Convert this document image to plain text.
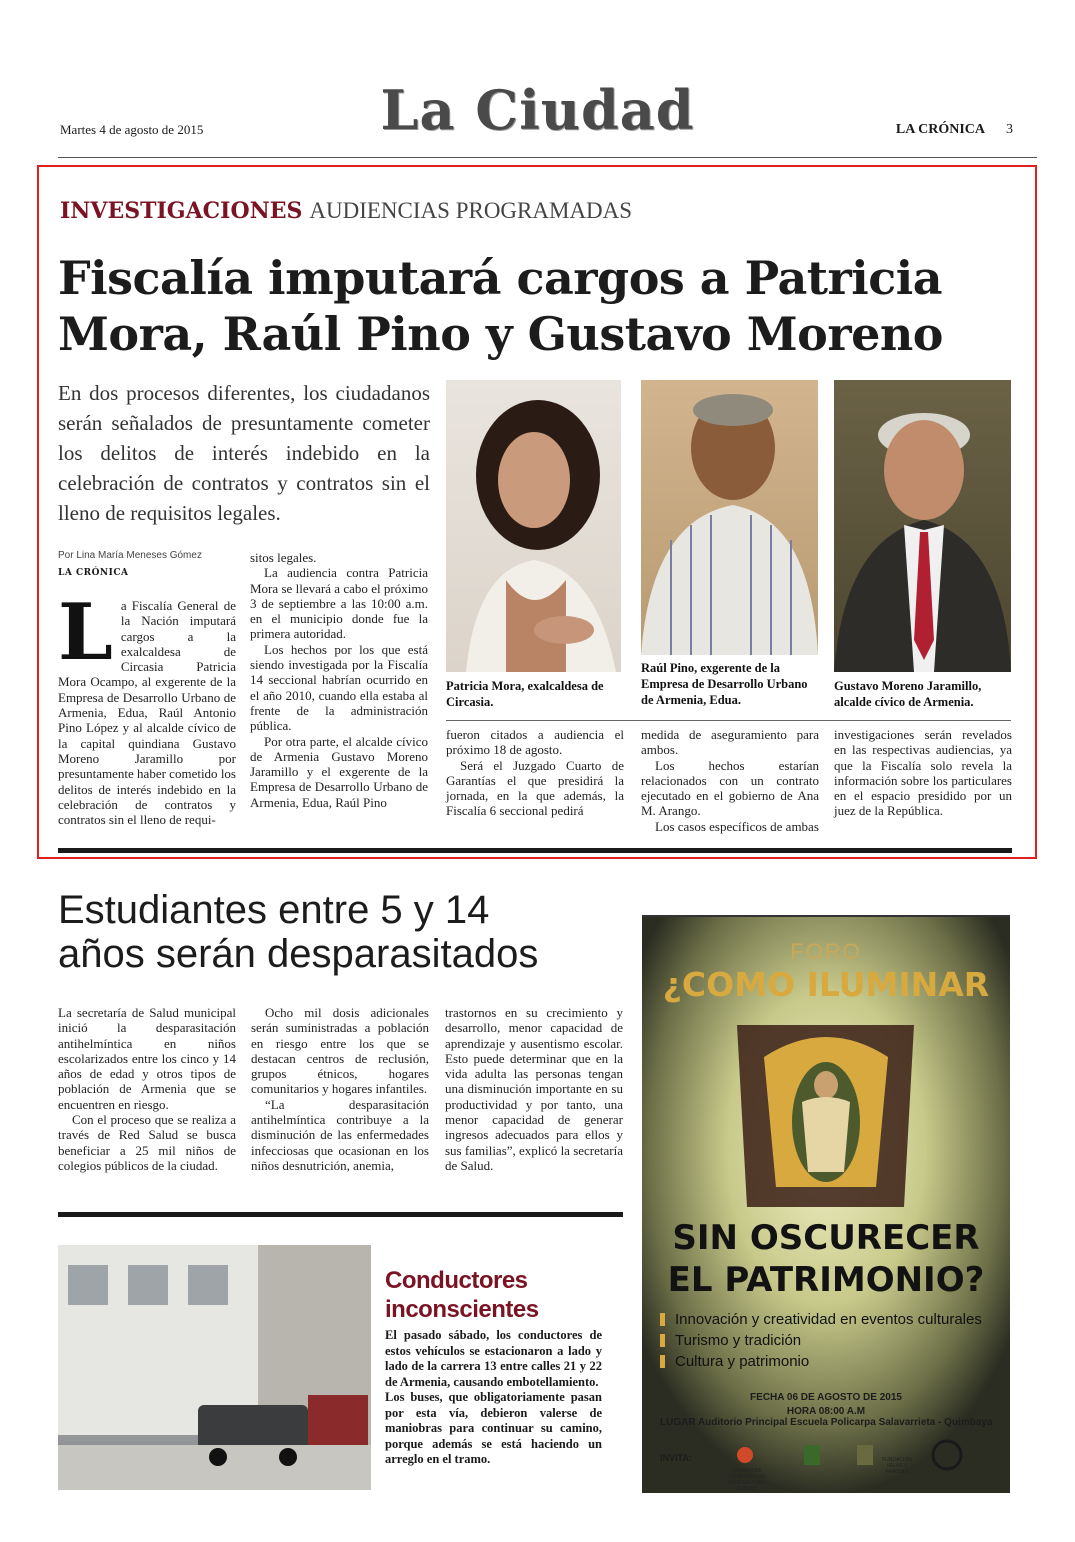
Martes 4 de agosto de 2015	La Ciudad	LA CRÓNICA 3
INVESTIGACIONES AUDIENCIAS PROGRAMADAS
Fiscalía imputará cargos a Patricia
Mora, Raúl Pino y Gustavo Moreno
En dos procesos diferentes, los ciudadanos serán señalados de presuntamente cometer los delitos de interés indebido en la celebración de contratos y contratos sin el lleno de requisitos legales.
Por Lina María Meneses Gómez
LA CRÓNICA
L a Fiscalía General de la Nación imputará cargos a la exalcaldesa de Circasia Patricia Mora Ocampo, al exgerente de la Empresa de Desarrollo Urbano de Armenia, Edua, Raúl Antonio Pino López y al alcalde cívico de la capital quindiana Gustavo Moreno Jaramillo por presuntamente haber cometido los delitos de interés indebido en la celebración de contratos y contratos sin el lleno de requi-

sitos legales.

La audiencia contra Patricia Mora se llevará a cabo el próximo 3 de septiembre a las 10:00 a.m. en el municipio donde fue la primera autoridad.

Los hechos por los que está siendo investigada por la Fiscalía 14 seccional habrían ocurrido en el año 2010, cuando ella estaba al frente de la administración pública.

Por otra parte, el alcalde cívico de Armenia Gustavo Moreno Jaramillo y el exgerente de la Empresa de Desarrollo Urbano de Armenia, Edua, Raúl Pino

Patricia Mora, exalcaldesa de Circasia.
Raúl Pino, exgerente de la Empresa de Desarrollo Urbano de Armenia, Edua.
Gustavo Moreno Jaramillo, alcalde cívico de Armenia.

fueron citados a audiencia el próximo 18 de agosto.

Será el Juzgado Cuarto de Garantías el que presidirá la jornada, en la que además, la Fiscalía 6 seccional pedirá

medida de aseguramiento para ambos.

Los hechos estarían relacionados con un contrato ejecutado en el gobierno de Ana M. Arango.

Los casos específicos de ambas

investigaciones serán revelados en las respectivas audiencias, ya que la Fiscalía solo revela la información sobre los particulares en el espacio presidido por un juez de la República.

Estudiantes entre 5 y 14
años serán desparasitados

La secretaría de Salud municipal inició la desparasitación antihelmíntica en niños escolarizados entre los cinco y 14 años de edad y otros tipos de población de Armenia que se encuentren en riesgo.

Con el proceso que se realiza a través de Red Salud se busca beneficiar a 25 mil niños de colegios públicos de la ciudad.

Ocho mil dosis adicionales serán suministradas a población en riesgo entre los que se destacan centros de reclusión, grupos étnicos, hogares comunitarios y hogares infantiles.

“La desparasitación antihelmíntica contribuye a la disminución de las enfermedades infecciosas que ocasionan en los niños desnutrición, anemia,

trastornos en su crecimiento y desarrollo, menor capacidad de aprendizaje y ausentismo escolar. Esto puede determinar que en la vida adulta las personas tengan una disminución importante en su productividad y por tanto, una menor capacidad de generar ingresos adecuados para ellos y sus familias”, explicó la secretaría de Salud.

Conductores
inconscientes

El pasado sábado, los conductores de estos vehículos se estacionaron a lado y lado de la carrera 13 entre calles 21 y 22 de Armenia, causando embotellamiento.

Los buses, que obligatoriamente pasan por esta vía, debieron valerse de maniobras para continuar su camino, porque además se está haciendo un arreglo en el tramo.

FORO
¿COMO ILUMINAR
SIN OSCURECER
EL PATRIMONIO?
Innovación y creatividad en eventos culturales
Turismo y tradición
Cultura y patrimonio
FECHA 06 DE AGOSTO DE 2015
HORA 08:00 A.M
LUGAR Auditorio Principal Escuela Policarpa Salavarrieta - Quimbaya
INVITA:
CÁMARA DE COMERCIO DE ARMENIA Y DEL QUINDÍO
FUNDACIÓN VELAS Y FAROLES
